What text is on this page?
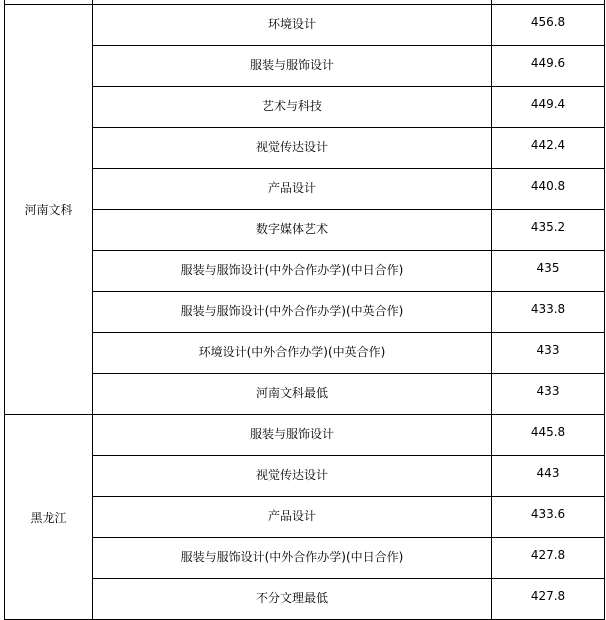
河南文科	环境设计	456.8
	服装与服饰设计	449.6
	艺术与科技	449.4
	视觉传达设计	442.4
	产品设计	440.8
	数字媒体艺术	435.2
	服装与服饰设计(中外合作办学)(中日合作)	435
	服装与服饰设计(中外合作办学)(中英合作)	433.8
	环境设计(中外合作办学)(中英合作)	433
	河南文科最低	433
黑龙江	服装与服饰设计	445.8
	视觉传达设计	443
	产品设计	433.6
	服装与服饰设计(中外合作办学)(中日合作)	427.8
	不分文理最低	427.8
